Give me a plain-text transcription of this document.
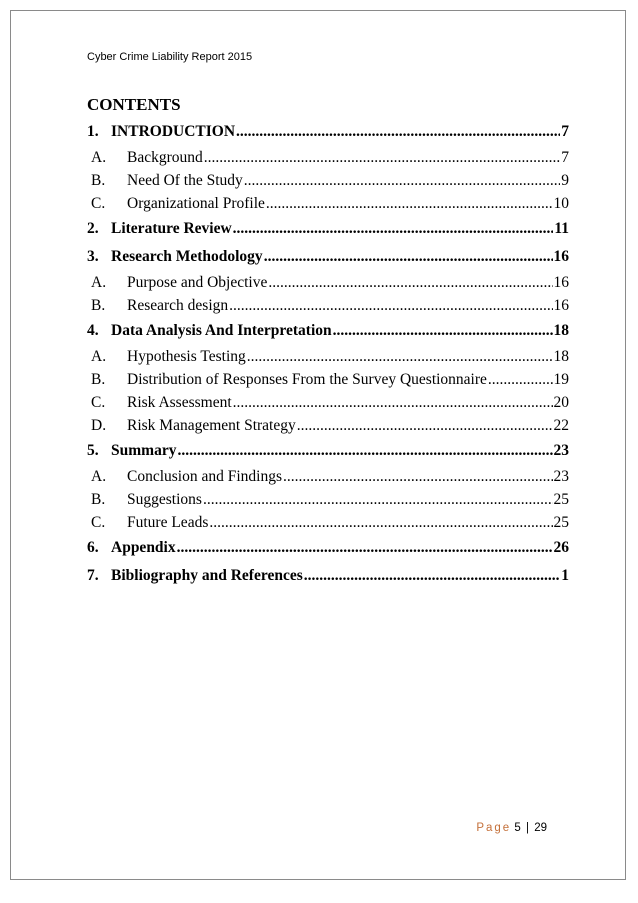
Cyber Crime Liability Report 2015
CONTENTS
1. INTRODUCTION .....	7
A.	Background .....	7
B.	Need Of the Study .....	9
C.	Organizational Profile .....	10
2. Literature Review .....	11
3. Research Methodology .....	16
A.	Purpose and Objective .....	16
B.	Research design .....	16
4. Data Analysis And Interpretation .....	18
A.	Hypothesis Testing .....	18
B.	Distribution of Responses From the Survey Questionnaire .....	19
C.	Risk Assessment .....	20
D.	Risk Management Strategy .....	22
5. Summary .....	23
A.	Conclusion and Findings .....	23
B.	Suggestions .....	25
C.	Future Leads .....	25
6. Appendix .....	26
7. Bibliography and References .....	1
Page 5 | 29
